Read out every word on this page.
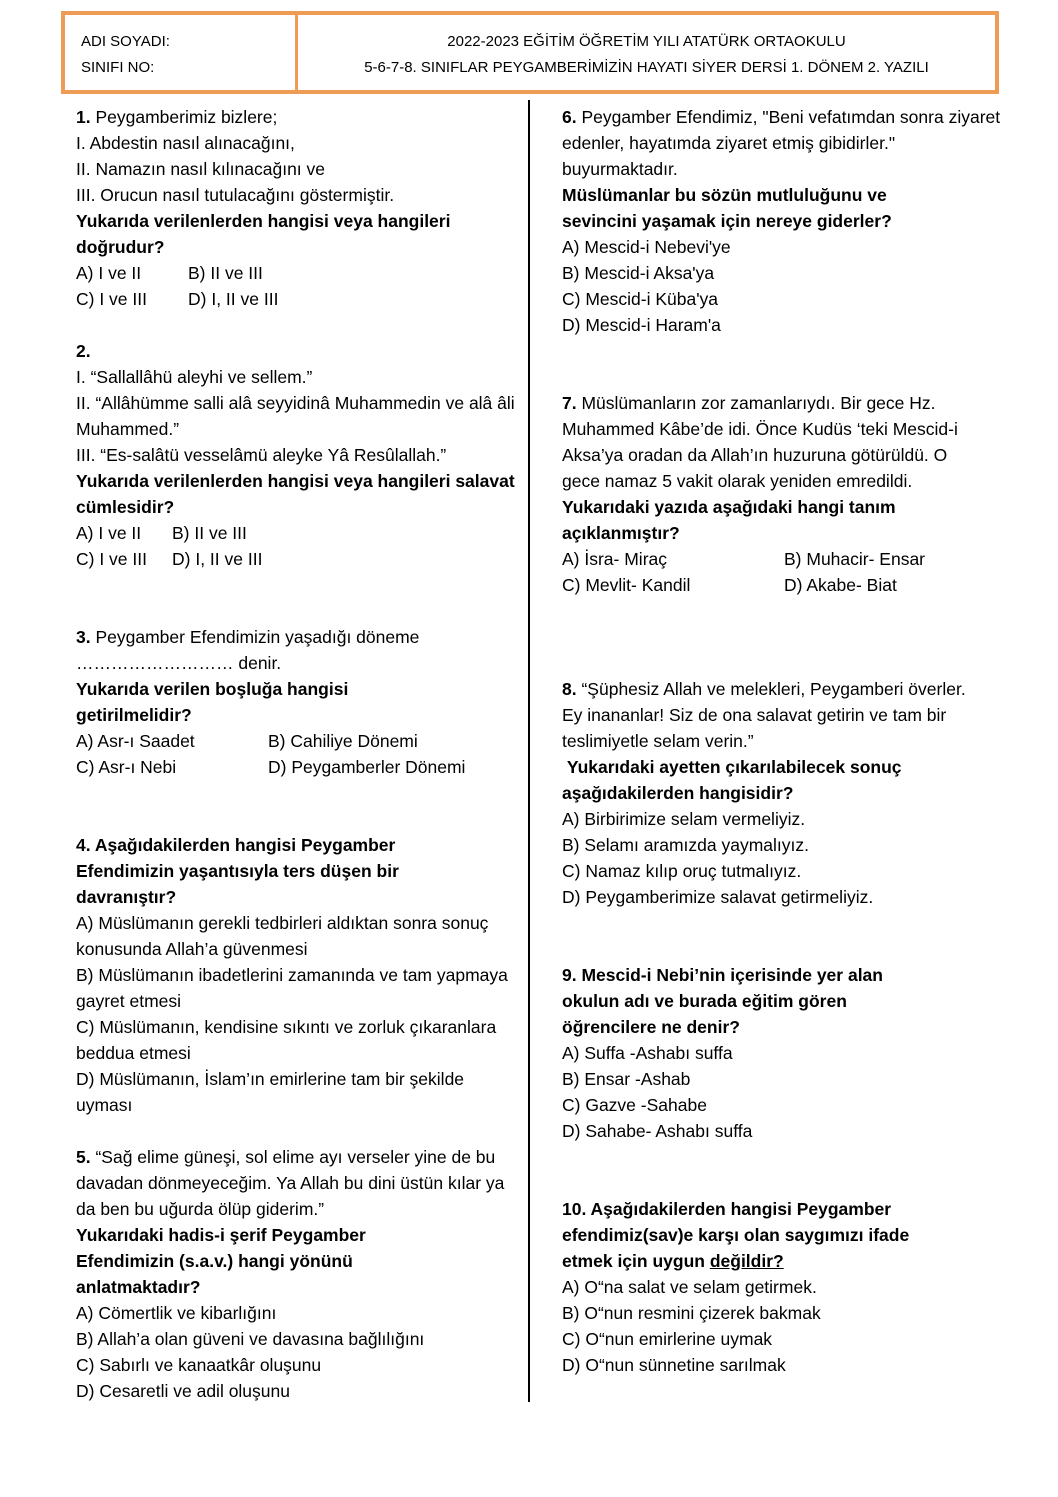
ADI SOYADI:
SINIFI NO:
2022-2023 EĞİTİM ÖĞRETİM YILI ATATÜRK ORTAOKULU
5-6-7-8. SINIFLAR PEYGAMBERİMİZİN HAYATI SİYER DERSİ 1. DÖNEM 2. YAZILI

1. Peygamberimiz bizlere;

I. Abdestin nasıl alınacağını,

II. Namazın nasıl kılınacağını ve

III. Orucun nasıl tutulacağını göstermiştir.

Yukarıda verilenlerden hangisi veya hangileri doğrudur?

A) I ve II	B) II ve III
C) I ve III	D) I, II ve III

2.

I. “Sallallâhü aleyhi ve sellem.”

II. “Allâhümme salli alâ seyyidinâ Muhammedin ve alâ âli Muhammed.”

III. “Es-salâtü vesselâmü aleyke Yâ Resûlallah.”

Yukarıda verilenlerden hangisi veya hangileri salavat cümlesidir?

A) I ve II	B) II ve III
C) I ve III	D) I, II ve III

3. Peygamber Efendimizin yaşadığı döneme

……………………… denir.

Yukarıda verilen boşluğa hangisi getirilmelidir?

A) Asr-ı Saadet	B) Cahiliye Dönemi
C) Asr-ı Nebi	D) Peygamberler Dönemi

4. Aşağıdakilerden hangisi Peygamber Efendimizin yaşantısıyla ters düşen bir davranıştır?

A) Müslümanın gerekli tedbirleri aldıktan sonra sonuç konusunda Allah’a güvenmesi

B) Müslümanın ibadetlerini zamanında ve tam yapmaya gayret etmesi

C) Müslümanın, kendisine sıkıntı ve zorluk çıkaranlara beddua etmesi

D) Müslümanın, İslam’ın emirlerine tam bir şekilde uyması

5. “Sağ elime güneşi, sol elime ayı verseler yine de bu davadan dönmeyeceğim. Ya Allah bu dini üstün kılar ya da ben bu uğurda ölüp giderim.”

Yukarıdaki hadis-i şerif Peygamber Efendimizin (s.a.v.) hangi yönünü anlatmaktadır?

A) Cömertlik ve kibarlığını

B) Allah’a olan güveni ve davasına bağlılığını

C) Sabırlı ve kanaatkâr oluşunu

D) Cesaretli ve adil oluşunu

6. Peygamber Efendimiz, "Beni vefatımdan sonra ziyaret edenler, hayatımda ziyaret etmiş gibidirler." buyurmaktadır.

Müslümanlar bu sözün mutluluğunu ve sevincini yaşamak için nereye giderler?

A) Mescid-i Nebevi'ye

B) Mescid-i Aksa'ya

C) Mescid-i Küba'ya

D) Mescid-i Haram'a

7. Müslümanların zor zamanlarıydı. Bir gece Hz. Muhammed Kâbe’de idi. Önce Kudüs ‘teki Mescid-i Aksa’ya oradan da Allah’ın huzuruna götürüldü. O gece namaz 5 vakit olarak yeniden emredildi.

Yukarıdaki yazıda aşağıdaki hangi tanım açıklanmıştır?

A) İsra- Miraç	B) Muhacir- Ensar
C) Mevlit- Kandil	D) Akabe- Biat

8. “Şüphesiz Allah ve melekleri, Peygamberi överler. Ey inananlar! Siz de ona salavat getirin ve tam bir teslimiyetle selam verin.”

Yukarıdaki ayetten çıkarılabilecek sonuç aşağıdakilerden hangisidir?

A) Birbirimize selam vermeliyiz.

B) Selamı aramızda yaymalıyız.

C) Namaz kılıp oruç tutmalıyız.

D) Peygamberimize salavat getirmeliyiz.

9. Mescid-i Nebi’nin içerisinde yer alan okulun adı ve burada eğitim gören öğrencilere ne denir?

A) Suffa -Ashabı suffa

B) Ensar -Ashab

C) Gazve -Sahabe

D) Sahabe- Ashabı suffa

10. Aşağıdakilerden hangisi Peygamber efendimiz(sav)e karşı olan saygımızı ifade etmek için uygun değildir?

A) O“na salat ve selam getirmek.

B) O“nun resmini çizerek bakmak

C) O“nun emirlerine uymak

D) O“nun sünnetine sarılmak
